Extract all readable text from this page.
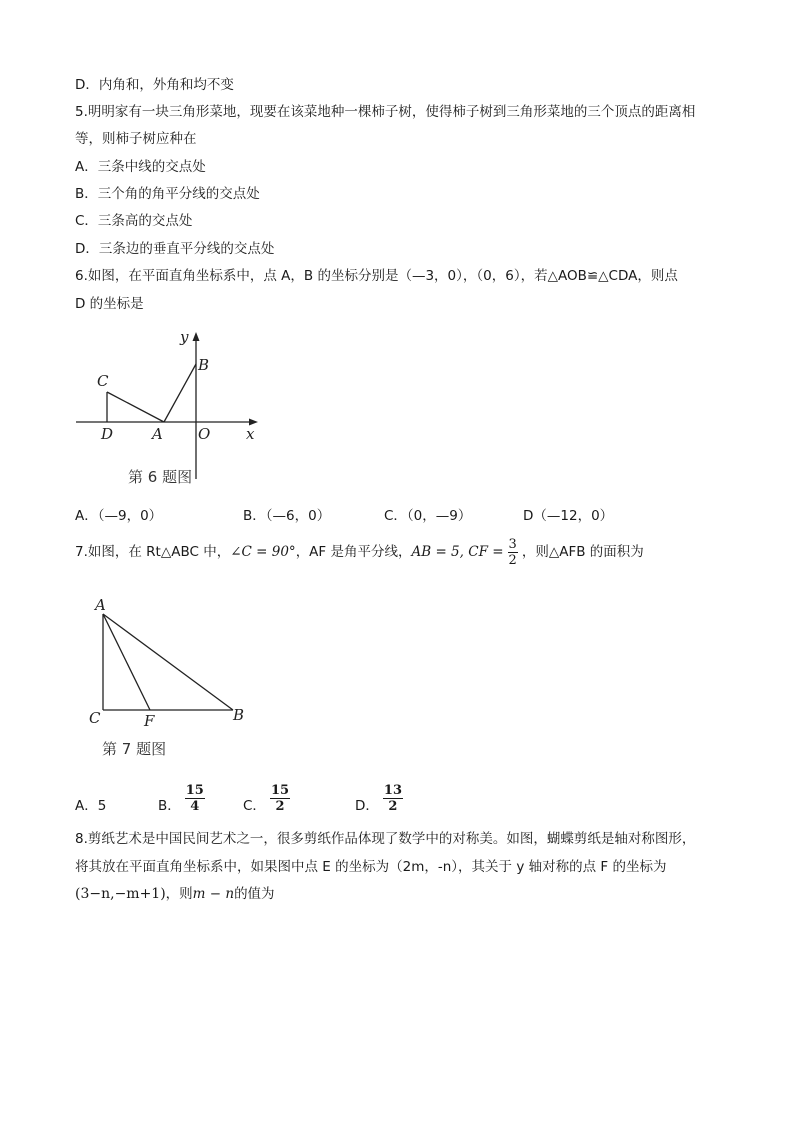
D．内角和，外角和均不变
5.明明家有一块三角形菜地，现要在该菜地种一棵柿子树，使得柿子树到三角形菜地的三个顶点的距离相
等，则柿子树应种在
A．三条中线的交点处
B．三个角的角平分线的交点处
C．三条高的交点处
D．三条边的垂直平分线的交点处
6.如图，在平面直角坐标系中，点 A，B 的坐标分别是（—3，0），（0，6），若△AOB≌△CDA，则点
D 的坐标是
y
x
B
C
D	A O
第 6 题图
A．（—9，0）	B．（—6，0）	C．（0，—9）	D（—12，0）
7.如图，在 Rt△ABC 中，∠C = 90°，AF 是角平分线，AB = 5, CF = $\frac{3}{2}$ ，则△AFB 的面积为
A
C	F	B
第 7 题图
A．5	B． $\frac{15}{4}$	C． $\frac{15}{2}$	D． $\frac{13}{2}$
8.剪纸艺术是中国民间艺术之一，很多剪纸作品体现了数学中的对称美。如图，蝴蝶剪纸是轴对称图形，
将其放在平面直角坐标系中，如果图中点 E 的坐标为（2m，-n），其关于 y 轴对称的点 F 的坐标为
(3−n,−m+1)，则m − n的值为
